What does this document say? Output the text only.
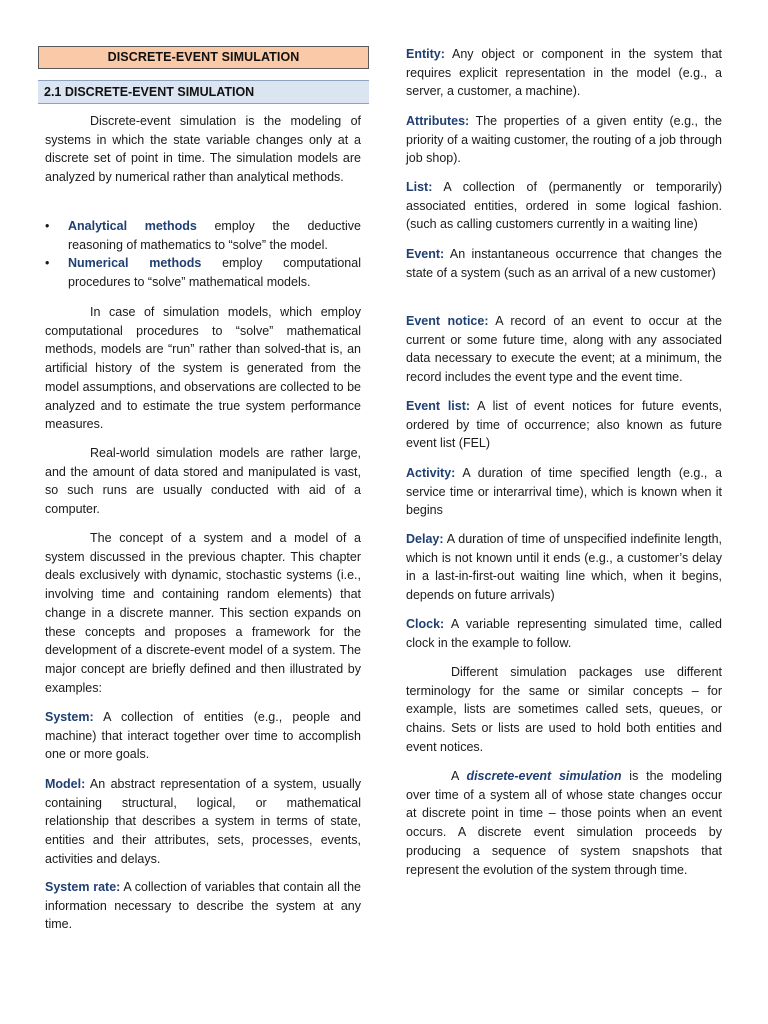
DISCRETE-EVENT SIMULATION
2.1 DISCRETE-EVENT SIMULATION

Discrete-event simulation is the modeling of systems in which the state variable changes only at a discrete set of point in time. The simulation models are analyzed by numerical rather than analytical methods.

• Analytical methods employ the deductive reasoning of mathematics to “solve” the model.
• Numerical methods employ computational procedures to “solve” mathematical models.

In case of simulation models, which employ computational procedures to “solve” mathematical methods, models are “run” rather than solved-that is, an artificial history of the system is generated from the model assumptions, and observations are collected to be analyzed and to estimate the true system performance measures.

Real-world simulation models are rather large, and the amount of data stored and manipulated is vast, so such runs are usually conducted with aid of a computer.

The concept of a system and a model of a system discussed in the previous chapter. This chapter deals exclusively with dynamic, stochastic systems (i.e., involving time and containing random elements) that change in a discrete manner. This section expands on these concepts and proposes a framework for the development of a discrete-event model of a system. The major concept are briefly defined and then illustrated by examples:

System: A collection of entities (e.g., people and machine) that interact together over time to accomplish one or more goals.

Model: An abstract representation of a system, usually containing structural, logical, or mathematical relationship that describes a system in terms of state, entities and their attributes, sets, processes, events, activities and delays.

System rate: A collection of variables that contain all the information necessary to describe the system at any time.

Entity: Any object or component in the system that requires explicit representation in the model (e.g., a server, a customer, a machine).

Attributes: The properties of a given entity (e.g., the priority of a waiting customer, the routing of a job through job shop).

List: A collection of (permanently or temporarily) associated entities, ordered in some logical fashion. (such as calling customers currently in a waiting line)

Event: An instantaneous occurrence that changes the state of a system (such as an arrival of a new customer)

Event notice: A record of an event to occur at the current or some future time, along with any associated data necessary to execute the event; at a minimum, the record includes the event type and the event time.

Event list: A list of event notices for future events, ordered by time of occurrence; also known as future event list (FEL)

Activity: A duration of time specified length (e.g., a service time or interarrival time), which is known when it begins

Delay: A duration of time of unspecified indefinite length, which is not known until it ends (e.g., a customer’s delay in a last-in-first-out waiting line which, when it begins, depends on future arrivals)

Clock: A variable representing simulated time, called clock in the example to follow.

Different simulation packages use different terminology for the same or similar concepts – for example, lists are sometimes called sets, queues, or chains. Sets or lists are used to hold both entities and event notices.

A discrete-event simulation is the modeling over time of a system all of whose state changes occur at discrete point in time – those points when an event occurs. A discrete event simulation proceeds by producing a sequence of system snapshots that represent the evolution of the system through time.
